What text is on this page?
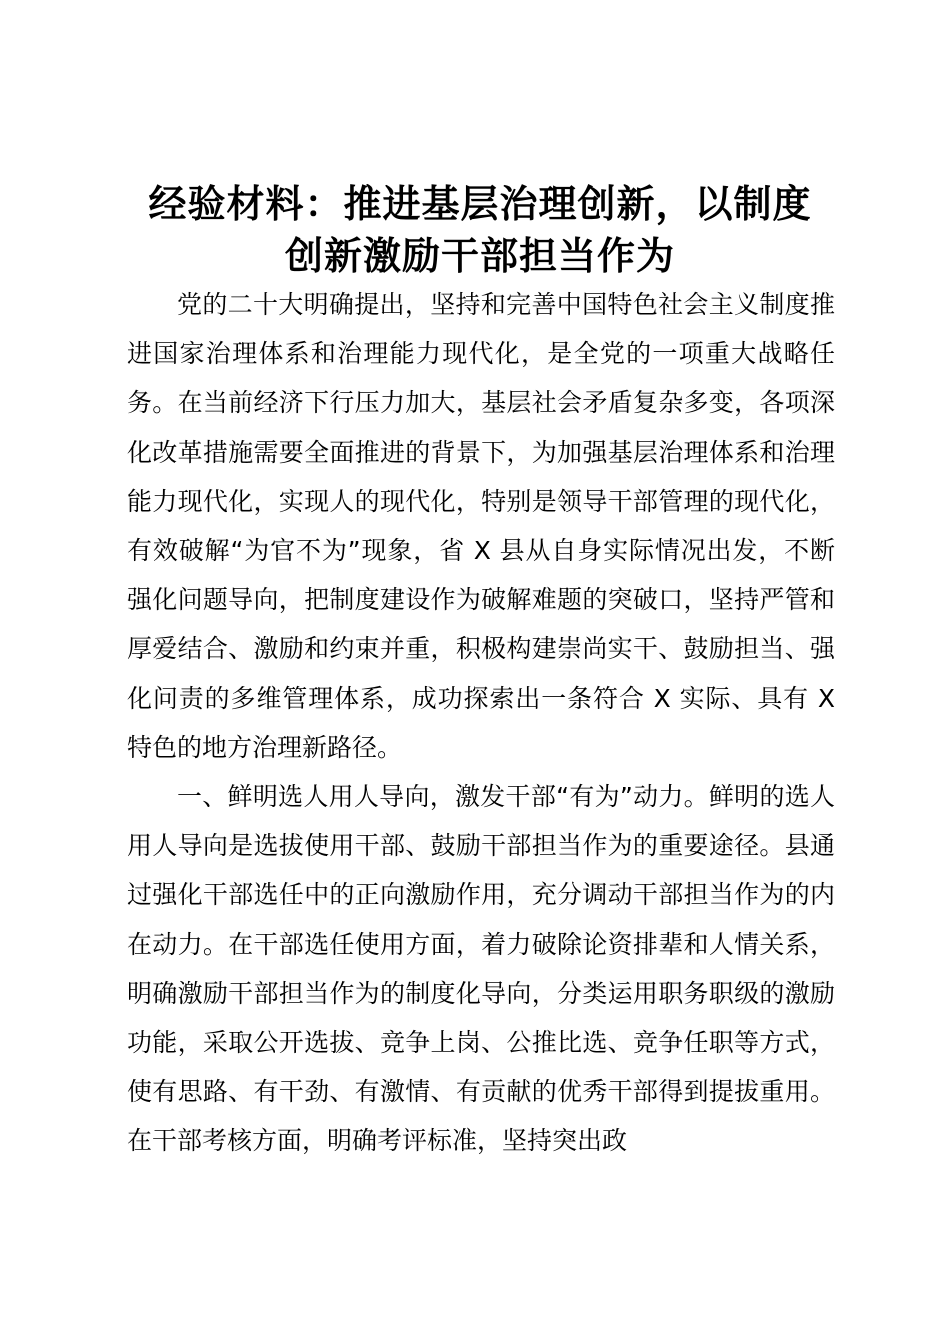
经验材料：推进基层治理创新，以制度
创新激励干部担当作为

党的二十大明确提出，坚持和完善中国特色社会主义制度推进国家治理体系和治理能力现代化，是全党的一项重大战略任务。在当前经济下行压力加大，基层社会矛盾复杂多变，各项深化改革措施需要全面推进的背景下，为加强基层治理体系和治理能力现代化，实现人的现代化，特别是领导干部管理的现代化，有效破解“为官不为”现象，省 X 县从自身实际情况出发，不断强化问题导向，把制度建设作为破解难题的突破口，坚持严管和厚爱结合、激励和约束并重，积极构建崇尚实干、鼓励担当、强化问责的多维管理体系，成功探索出一条符合 X 实际、具有 X 特色的地方治理新路径。

一、鲜明选人用人导向，激发干部“有为”动力。鲜明的选人用人导向是选拔使用干部、鼓励干部担当作为的重要途径。县通过强化干部选任中的正向激励作用，充分调动干部担当作为的内在动力。在干部选任使用方面，着力破除论资排辈和人情关系，明确激励干部担当作为的制度化导向，分类运用职务职级的激励功能，采取公开选拔、竞争上岗、公推比选、竞争任职等方式，使有思路、有干劲、有激情、有贡献的优秀干部得到提拔重用。在干部考核方面，明确考评标准，坚持突出政
